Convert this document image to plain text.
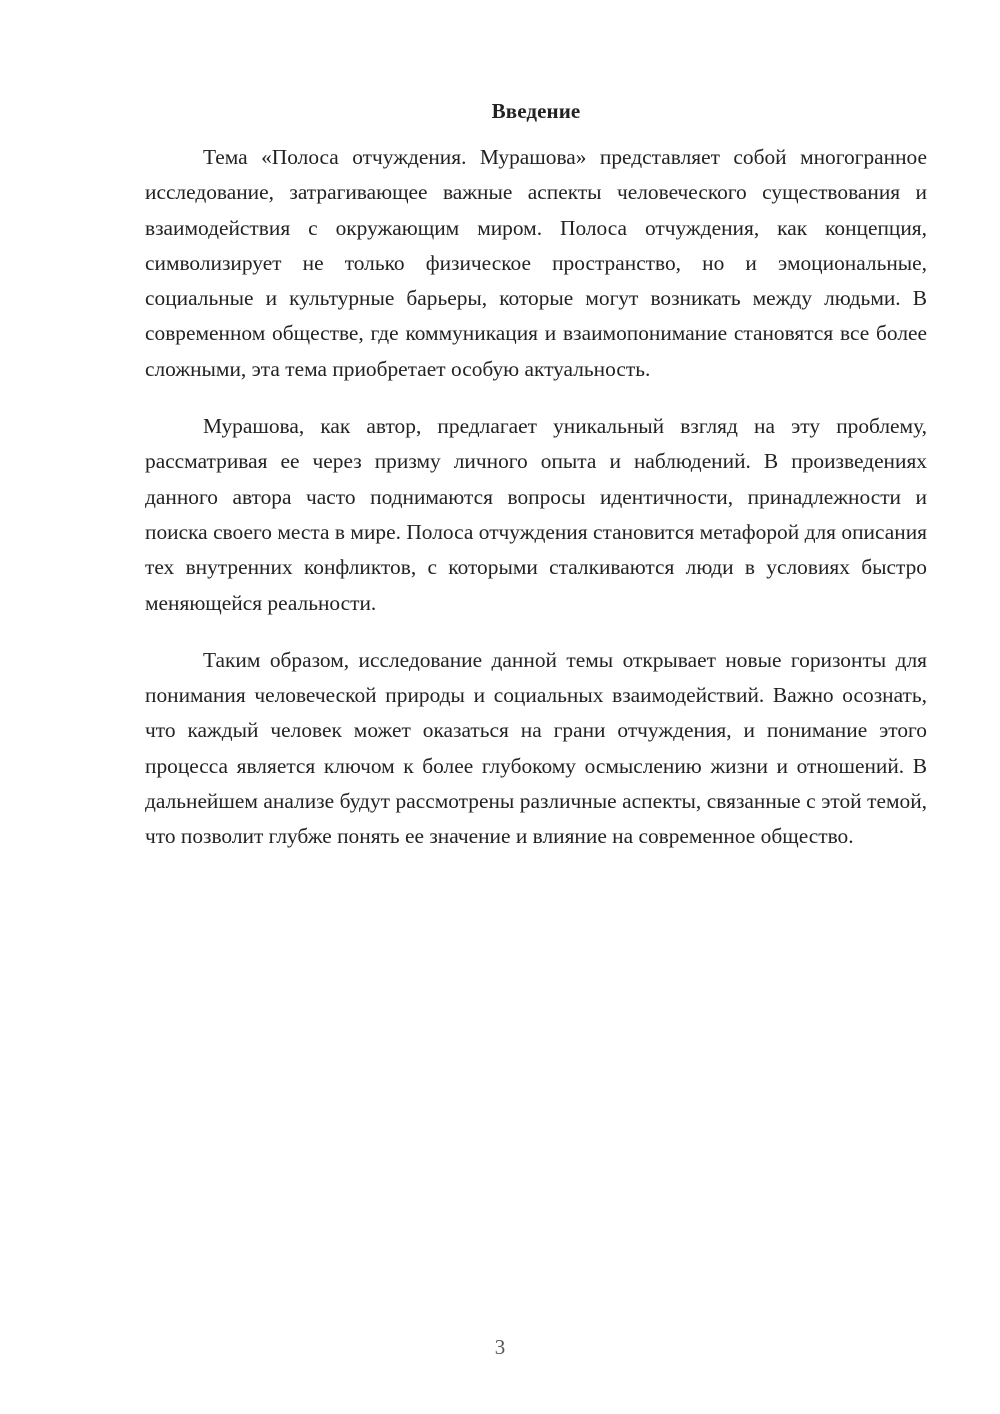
Введение

Тема «Полоса отчуждения. Мурашова» представляет собой многогранное исследование, затрагивающее важные аспекты человеческого существования и взаимодействия с окружающим миром. Полоса отчуждения, как концепция, символизирует не только физическое пространство, но и эмоциональные, социальные и культурные барьеры, которые могут возникать между людьми. В современном обществе, где коммуникация и взаимопонимание становятся все более сложными, эта тема приобретает особую актуальность.

Мурашова, как автор, предлагает уникальный взгляд на эту проблему, рассматривая ее через призму личного опыта и наблюдений. В произведениях данного автора часто поднимаются вопросы идентичности, принадлежности и поиска своего места в мире. Полоса отчуждения становится метафорой для описания тех внутренних конфликтов, с которыми сталкиваются люди в условиях быстро меняющейся реальности.

Таким образом, исследование данной темы открывает новые горизонты для понимания человеческой природы и социальных взаимодействий. Важно осознать, что каждый человек может оказаться на грани отчуждения, и понимание этого процесса является ключом к более глубокому осмыслению жизни и отношений. В дальнейшем анализе будут рассмотрены различные аспекты, связанные с этой темой, что позволит глубже понять ее значение и влияние на современное общество.

3
